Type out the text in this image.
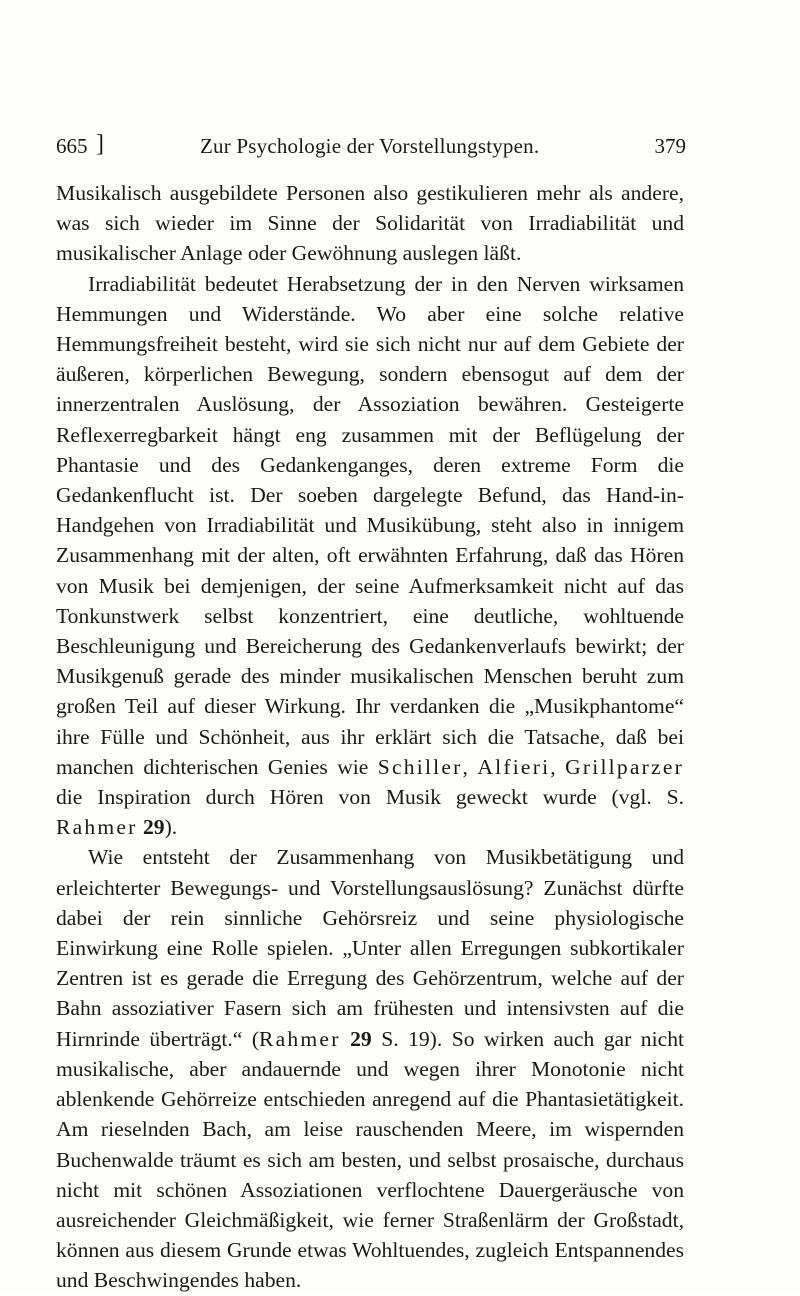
665 ]	Zur Psychologie der Vorstellungstypen.	379

Musikalisch ausgebildete Personen also gestikulieren mehr als andere, was sich wieder im Sinne der Solidarität von Irradiabilität und musikalischer Anlage oder Gewöhnung auslegen läßt.

Irradiabilität bedeutet Herabsetzung der in den Nerven wirksamen Hemmungen und Widerstände. Wo aber eine solche relative Hemmungsfreiheit besteht, wird sie sich nicht nur auf dem Gebiete der äußeren, körperlichen Bewegung, sondern ebensogut auf dem der innerzentralen Auslösung, der Assoziation bewähren. Gesteigerte Reflexerregbarkeit hängt eng zusammen mit der Beflügelung der Phantasie und des Gedankenganges, deren extreme Form die Gedankenflucht ist. Der soeben dargelegte Befund, das Hand-in-Handgehen von Irradiabilität und Musikübung, steht also in innigem Zusammenhang mit der alten, oft erwähnten Erfahrung, daß das Hören von Musik bei demjenigen, der seine Aufmerksamkeit nicht auf das Tonkunstwerk selbst konzentriert, eine deutliche, wohltuende Beschleunigung und Bereicherung des Gedankenverlaufs bewirkt; der Musikgenuß gerade des minder musikalischen Menschen beruht zum großen Teil auf dieser Wirkung. Ihr verdanken die „Musikphantome“ ihre Fülle und Schönheit, aus ihr erklärt sich die Tatsache, daß bei manchen dichterischen Genies wie Schiller, Alfieri, Grillparzer die Inspiration durch Hören von Musik geweckt wurde (vgl. S. Rahmer 29).

Wie entsteht der Zusammenhang von Musikbetätigung und erleichterter Bewegungs- und Vorstellungsauslösung? Zunächst dürfte dabei der rein sinnliche Gehörsreiz und seine physiologische Einwirkung eine Rolle spielen. „Unter allen Erregungen subkortikaler Zentren ist es gerade die Erregung des Gehörzentrum, welche auf der Bahn assoziativer Fasern sich am frühesten und intensivsten auf die Hirnrinde überträgt.“ (Rahmer 29 S. 19). So wirken auch gar nicht musikalische, aber andauernde und wegen ihrer Monotonie nicht ablenkende Gehörreize entschieden anregend auf die Phantasietätigkeit. Am rieselnden Bach, am leise rauschenden Meere, im wispernden Buchenwalde träumt es sich am besten, und selbst prosaische, durchaus nicht mit schönen Assoziationen verflochtene Dauergeräusche von ausreichender Gleichmäßigkeit, wie ferner Straßenlärm der Großstadt, können aus diesem Grunde etwas Wohltuendes, zugleich Entspannendes und Beschwingendes haben.
